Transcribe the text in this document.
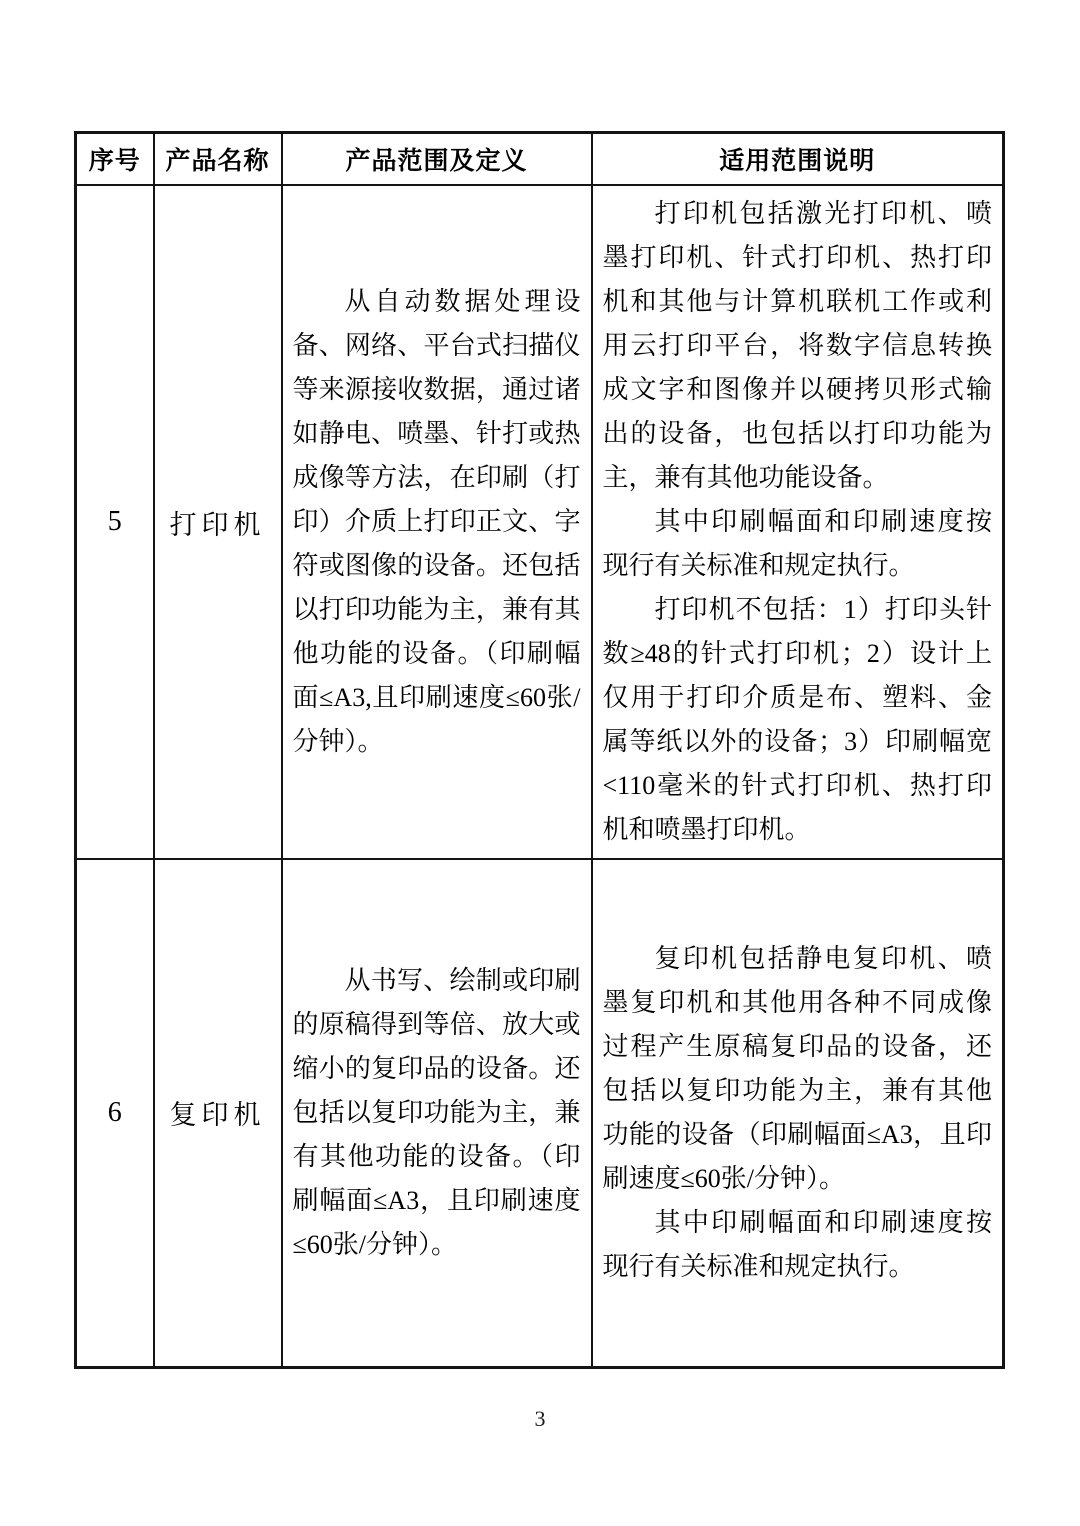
序号	产品名称	产品范围及定义	适用范围说明
5	打印机	从自动数据处理设备、网络、平台式扫描仪等来源接收数据，通过诸如静电、喷墨、针打或热成像等方法，在印刷（打印）介质上打印正文、字符或图像的设备。还包括以打印功能为主，兼有其他功能的设备。（印刷幅面≤A3,且印刷速度≤60张/分钟）。	打印机包括激光打印机、喷墨打印机、针式打印机、热打印机和其他与计算机联机工作或利用云打印平台，将数字信息转换成文字和图像并以硬拷贝形式输出的设备，也包括以打印功能为主，兼有其他功能设备。

其中印刷幅面和印刷速度按现行有关标准和规定执行。

打印机不包括：1）打印头针数≥48的针式打印机；2）设计上仅用于打印介质是布、塑料、金属等纸以外的设备；3）印刷幅宽<110毫米的针式打印机、热打印机和喷墨打印机。

6	复印机	从书写、绘制或印刷的原稿得到等倍、放大或缩小的复印品的设备。还包括以复印功能为主，兼有其他功能的设备。（印刷幅面≤A3，且印刷速度≤60张/分钟）。	复印机包括静电复印机、喷墨复印机和其他用各种不同成像过程产生原稿复印品的设备，还包括以复印功能为主，兼有其他功能的设备（印刷幅面≤A3，且印刷速度≤60张/分钟）。

其中印刷幅面和印刷速度按现行有关标准和规定执行。

3
